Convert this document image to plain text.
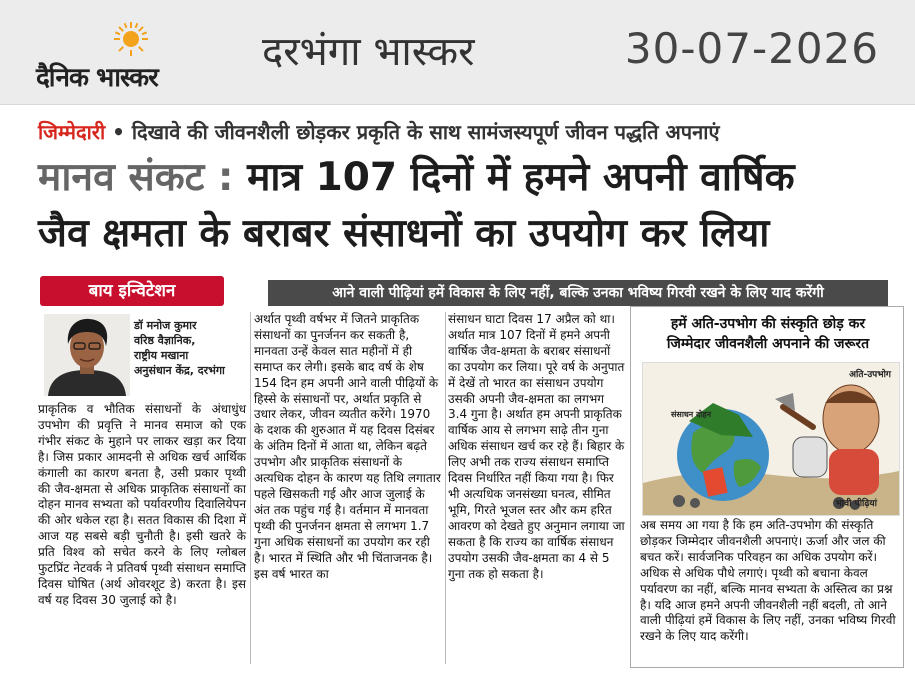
दैनिक भास्कर
दरभंगा भास्कर	30-07-2026
जिम्मेदारी • दिखावे की जीवनशैली छोड़कर प्रकृति के साथ सामंजस्यपूर्ण जीवन पद्धति अपनाएं
मानव संकट : मात्र 107 दिनों में हमने अपनी वार्षिक
जैव क्षमता के बराबर संसाधनों का उपयोग कर लिया
बाय इन्विटेशन	आने वाली पीढ़ियां हमें विकास के लिए नहीं, बल्कि उनका भविष्य गिरवी रखने के लिए याद करेंगी
डॉ मनोज कुमार
वरिष्ठ वैज्ञानिक,
राष्ट्रीय मखाना
अनुसंधान केंद्र, दरभंगा
प्राकृतिक व भौतिक संसाधनों के अंधाधुंध उपभोग की प्रवृत्ति ने मानव समाज को एक गंभीर संकट के मुहाने पर लाकर खड़ा कर दिया है। जिस प्रकार आमदनी से अधिक खर्च आर्थिक कंगाली का कारण बनता है, उसी प्रकार पृथ्वी की जैव-क्षमता से अधिक प्राकृतिक संसाधनों का दोहन मानव सभ्यता को पर्यावरणीय दिवालियेपन की ओर धकेल रहा है। सतत विकास की दिशा में आज यह सबसे बड़ी चुनौती है। इसी खतरे के प्रति विश्व को सचेत करने के लिए ग्लोबल फुटप्रिंट नेटवर्क ने प्रतिवर्ष पृथ्वी संसाधन समाप्ति दिवस घोषित (अर्थ ओवरशूट डे) करता है। इस वर्ष यह दिवस 30 जुलाई को है।
अर्थात पृथ्वी वर्षभर में जितने प्राकृतिक संसाधनों का पुनर्जनन कर सकती है, मानवता उन्हें केवल सात महीनों में ही समाप्त कर लेगी। इसके बाद वर्ष के शेष 154 दिन हम अपनी आने वाली पीढ़ियों के हिस्से के संसाधनों पर, अर्थात प्रकृति से उधार लेकर, जीवन व्यतीत करेंगे। 1970 के दशक की शुरुआत में यह दिवस दिसंबर के अंतिम दिनों में आता था, लेकिन बढ़ते उपभोग और प्राकृतिक संसाधनों के अत्यधिक दोहन के कारण यह तिथि लगातार पहले खिसकती गई और आज जुलाई के अंत तक पहुंच गई है। वर्तमान में मानवता पृथ्वी की पुनर्जनन क्षमता से लगभग 1.7 गुना अधिक संसाधनों का उपयोग कर रही है। भारत में स्थिति और भी चिंताजनक है। इस वर्ष भारत का
संसाधन घाटा दिवस 17 अप्रैल को था। अर्थात मात्र 107 दिनों में हमने अपनी वार्षिक जैव-क्षमता के बराबर संसाधनों का उपयोग कर लिया। पूरे वर्ष के अनुपात में देखें तो भारत का संसाधन उपयोग उसकी अपनी जैव-क्षमता का लगभग 3.4 गुना है। अर्थात हम अपनी प्राकृतिक वार्षिक आय से लगभग साढ़े तीन गुना अधिक संसाधन खर्च कर रहे हैं। बिहार के लिए अभी तक राज्य संसाधन समाप्ति दिवस निर्धारित नहीं किया गया है। फिर भी अत्यधिक जनसंख्या घनत्व, सीमित भूमि, गिरते भूजल स्तर और कम हरित आवरण को देखते हुए अनुमान लगाया जा सकता है कि राज्य का वार्षिक संसाधन उपयोग उसकी जैव-क्षमता का 4 से 5 गुना तक हो सकता है।
हमें अति-उपभोग की संस्कृति छोड़ कर
जिम्मेदार जीवनशैली अपनाने की जरूरत
अति-उपभोग
संसाधन दोहन
भावी पीढ़ियां
अब समय आ गया है कि हम अति-उपभोग की संस्कृति छोड़कर जिम्मेदार जीवनशैली अपनाएं। ऊर्जा और जल की बचत करें। सार्वजनिक परिवहन का अधिक उपयोग करें। अधिक से अधिक पौधे लगाएं। पृथ्वी को बचाना केवल पर्यावरण का नहीं, बल्कि मानव सभ्यता के अस्तित्व का प्रश्न है। यदि आज हमने अपनी जीवनशैली नहीं बदली, तो आने वाली पीढ़ियां हमें विकास के लिए नहीं, उनका भविष्य गिरवी रखने के लिए याद करेंगी।
